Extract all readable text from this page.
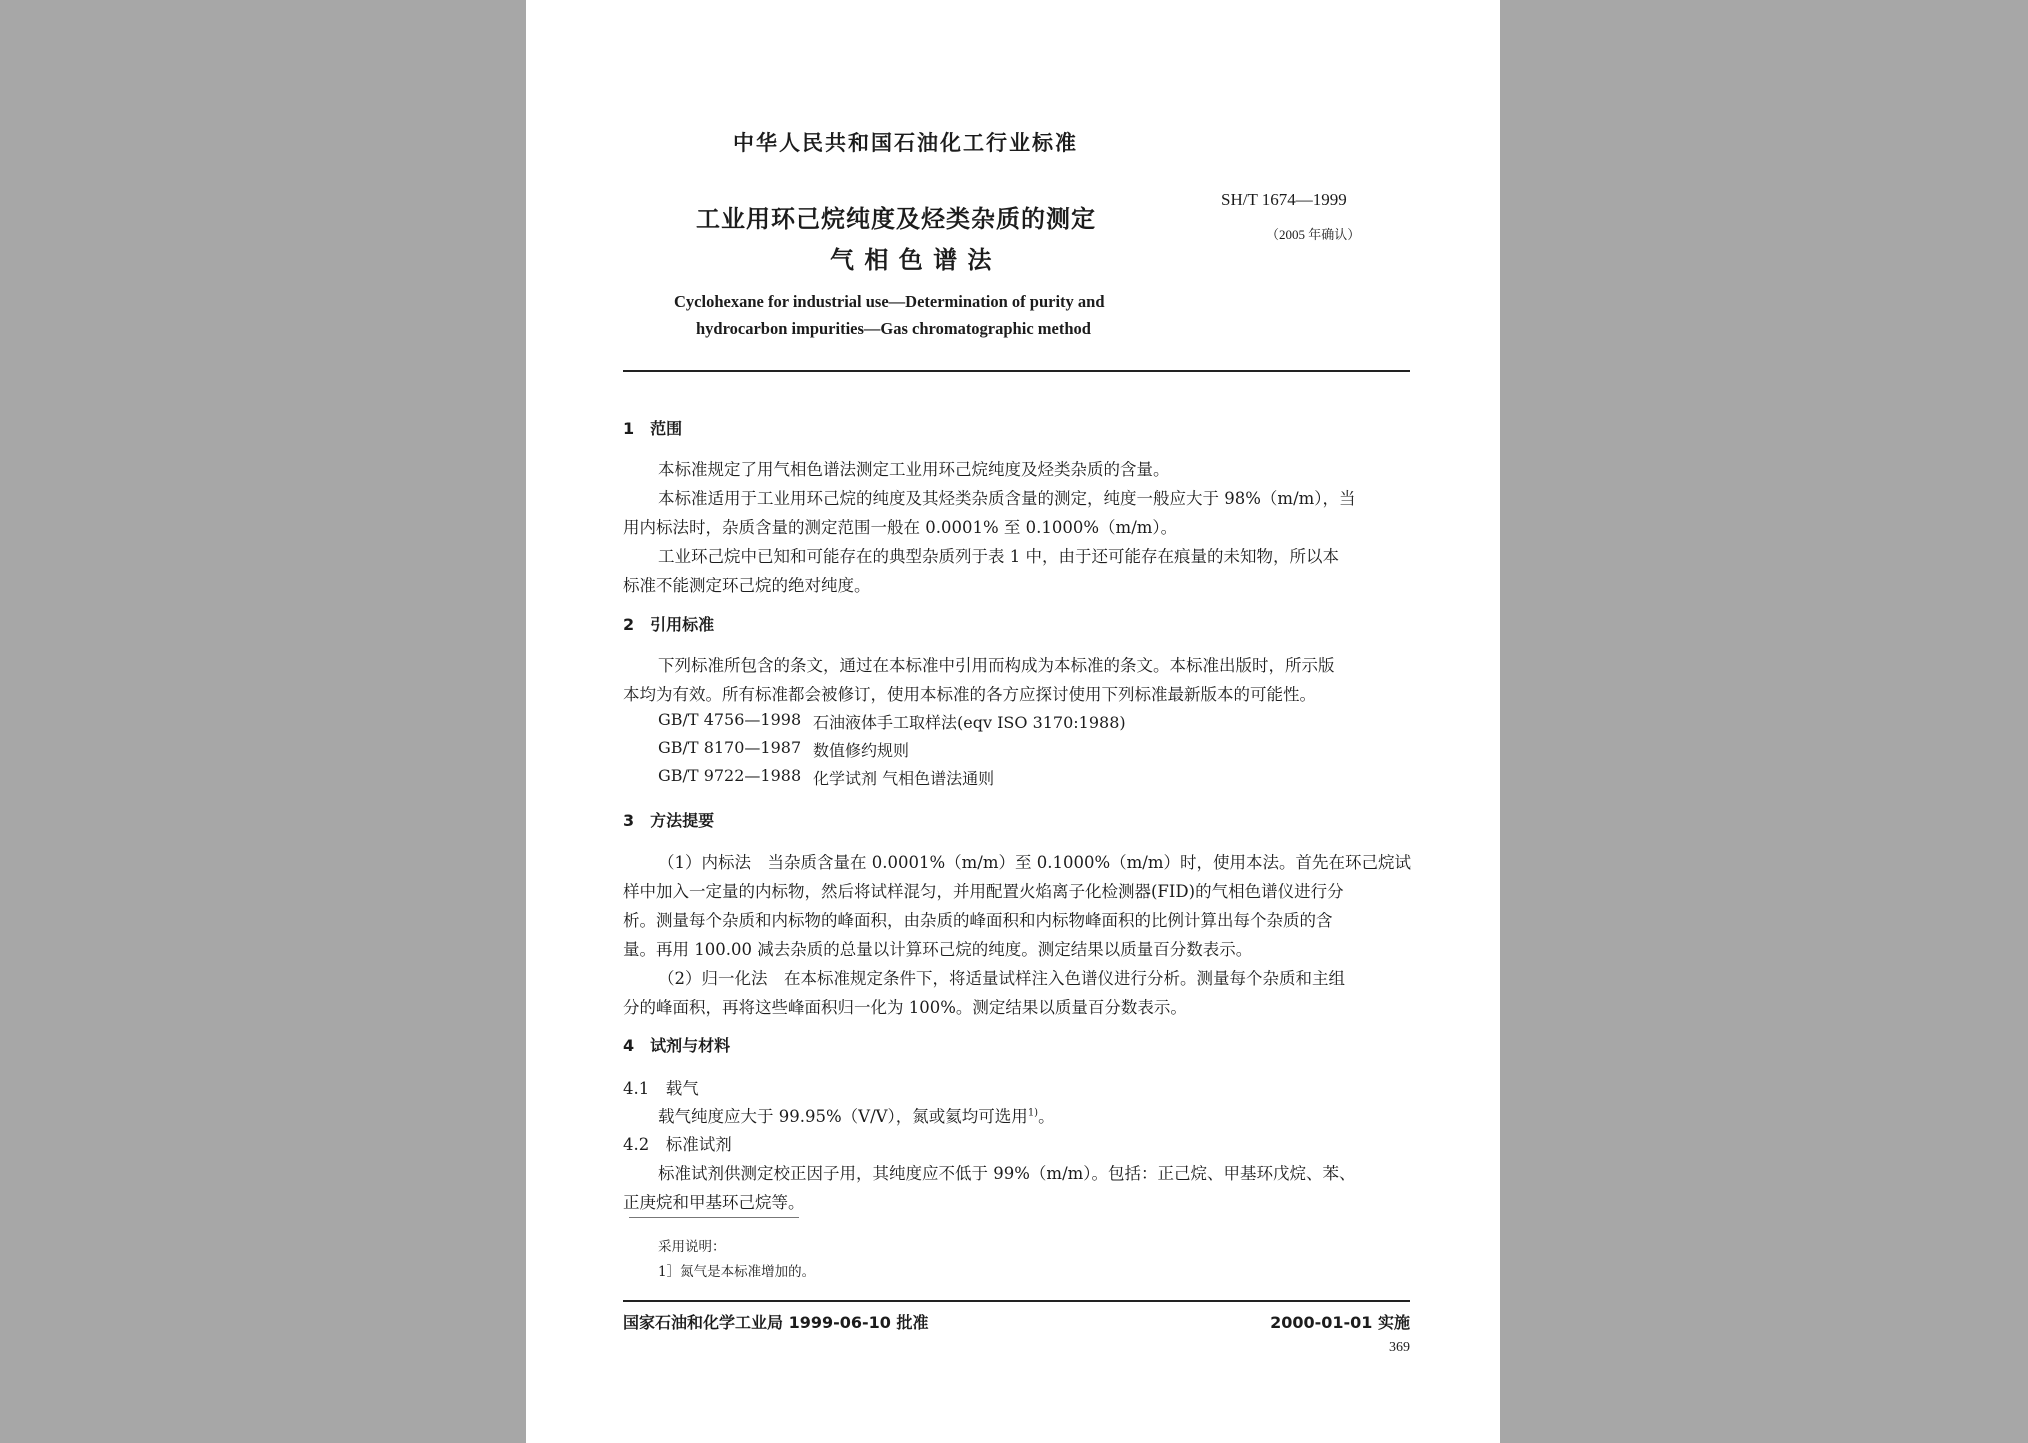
中华人民共和国石油化工行业标准
工业用环己烷纯度及烃类杂质的测定
气 相 色 谱 法
SH/T 1674—1999
（2005 年确认）
Cyclohexane for industrial use—Determination of purity and
hydrocarbon impurities—Gas chromatographic method
1　范围
本标准规定了用气相色谱法测定工业用环己烷纯度及烃类杂质的含量。
本标准适用于工业用环己烷的纯度及其烃类杂质含量的测定，纯度一般应大于 98%（m/m），当
用内标法时，杂质含量的测定范围一般在 0.0001% 至 0.1000%（m/m）。
工业环己烷中已知和可能存在的典型杂质列于表 1 中，由于还可能存在痕量的未知物，所以本
标准不能测定环己烷的绝对纯度。
2　引用标准
下列标准所包含的条文，通过在本标准中引用而构成为本标准的条文。本标准出版时，所示版
本均为有效。所有标准都会被修订，使用本标准的各方应探讨使用下列标准最新版本的可能性。
GB/T 4756—1998 石油液体手工取样法(eqv ISO 3170:1988)
GB/T 8170—1987 数值修约规则
GB/T 9722—1988 化学试剂 气相色谱法通则
3　方法提要
（1）内标法　当杂质含量在 0.0001%（m/m）至 0.1000%（m/m）时，使用本法。首先在环己烷试
样中加入一定量的内标物，然后将试样混匀，并用配置火焰离子化检测器(FID)的气相色谱仪进行分
析。测量每个杂质和内标物的峰面积，由杂质的峰面积和内标物峰面积的比例计算出每个杂质的含
量。再用 100.00 减去杂质的总量以计算环己烷的纯度。测定结果以质量百分数表示。
（2）归一化法　在本标准规定条件下，将适量试样注入色谱仪进行分析。测量每个杂质和主组
分的峰面积，再将这些峰面积归一化为 100%。测定结果以质量百分数表示。
4　试剂与材料
4.1　载气
载气纯度应大于 99.95%（V/V），氮或氦均可选用$^{1)}$。
4.2　标准试剂
标准试剂供测定校正因子用，其纯度应不低于 99%（m/m）。包括：正己烷、甲基环戊烷、苯、
正庚烷和甲基环己烷等。
采用说明：
1］氮气是本标准增加的。
国家石油和化学工业局 1999-06-10 批准	2000-01-01 实施
369
